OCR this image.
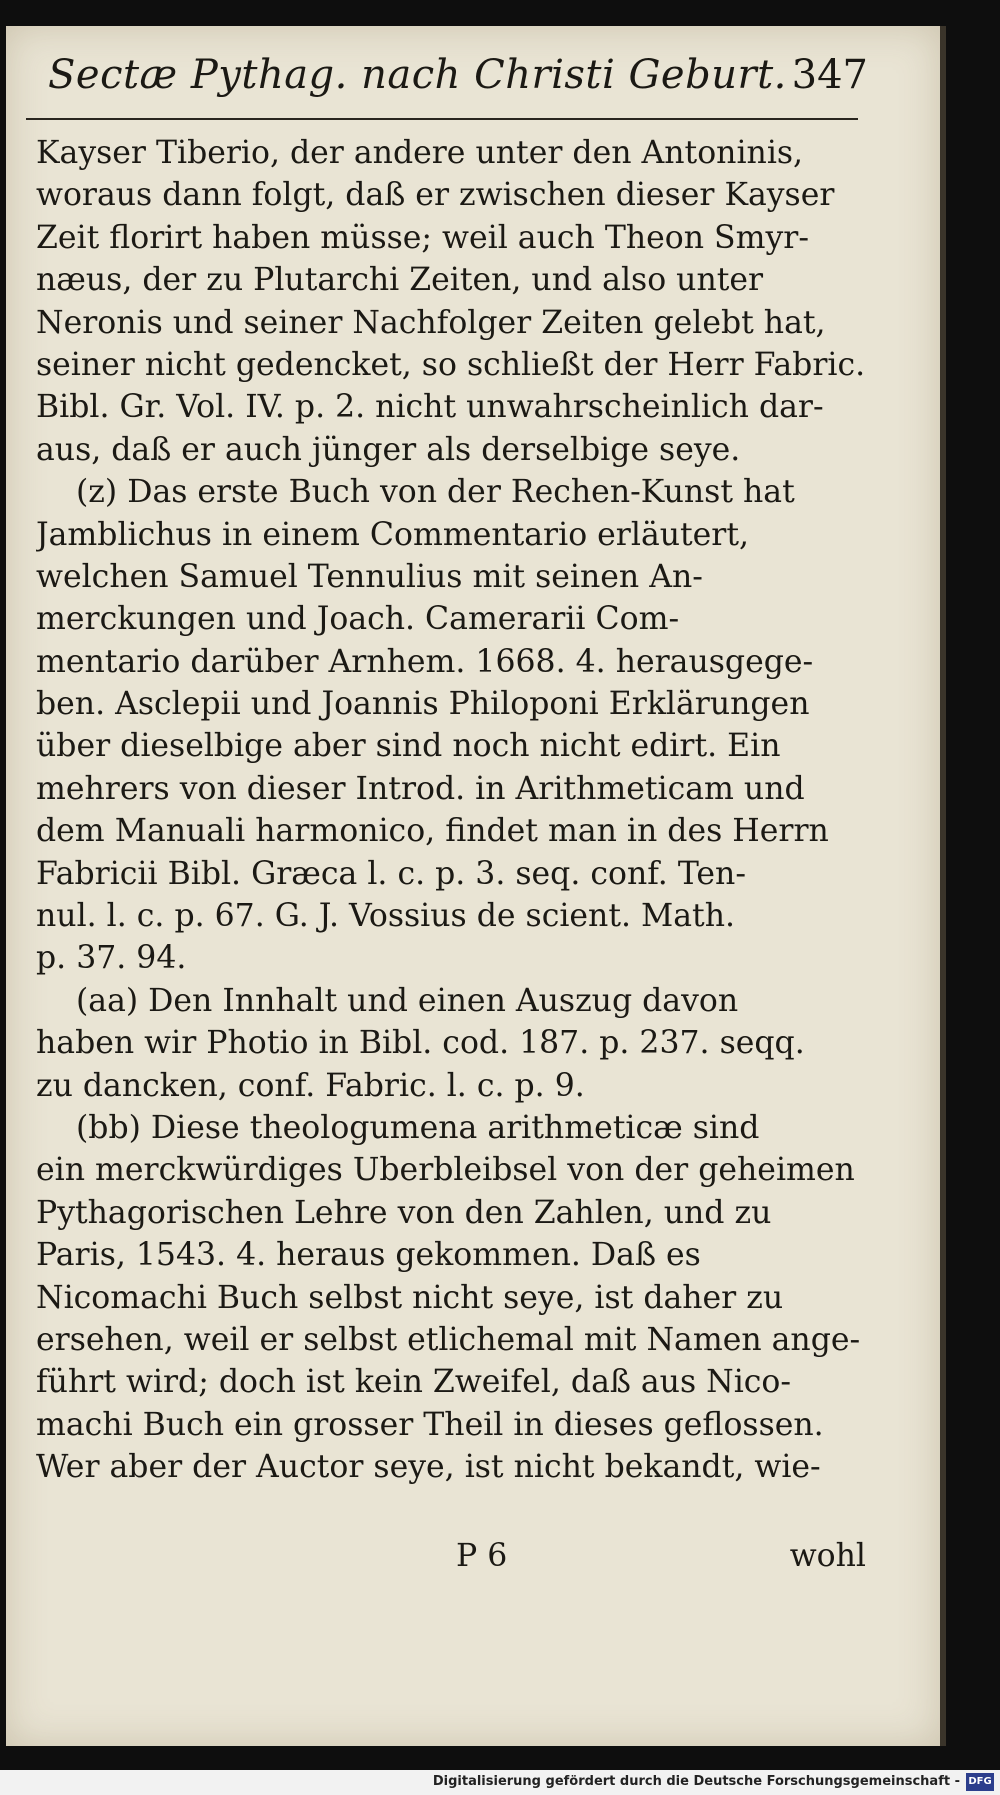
Sectæ Pythag. nach Christi Geburt. 347
Kayser Tiberio, der andere unter den Antoninis,
woraus dann folgt, daß er zwischen dieser Kayser
Zeit florirt haben müsse; weil auch Theon Smyr-
næus, der zu Plutarchi Zeiten, und also unter
Neronis und seiner Nachfolger Zeiten gelebt hat,
seiner nicht gedencket, so schließt der Herr Fabric.
Bibl. Gr. Vol. IV. p. 2. nicht unwahrscheinlich dar-
aus, daß er auch jünger als derselbige seye.
(z) Das erste Buch von der Rechen-Kunst hat
Jamblichus in einem Commentario erläutert,
welchen Samuel Tennulius mit seinen An-
merckungen und Joach. Camerarii Com-
mentario darüber Arnhem. 1668. 4. herausgege-
ben. Asclepii und Joannis Philoponi Erklärungen
über dieselbige aber sind noch nicht edirt. Ein
mehrers von dieser Introd. in Arithmeticam und
dem Manuali harmonico, findet man in des Herrn
Fabricii Bibl. Græca l. c. p. 3. seq. conf. Ten-
nul. l. c. p. 67. G. J. Vossius de scient. Math.
p. 37. 94.
(aa) Den Innhalt und einen Auszug davon
haben wir Photio in Bibl. cod. 187. p. 237. seqq.
zu dancken, conf. Fabric. l. c. p. 9.
(bb) Diese theologumena arithmeticæ sind
ein merckwürdiges Uberbleibsel von der geheimen
Pythagorischen Lehre von den Zahlen, und zu
Paris, 1543. 4. heraus gekommen. Daß es
Nicomachi Buch selbst nicht seye, ist daher zu
ersehen, weil er selbst etlichemal mit Namen ange-
führt wird; doch ist kein Zweifel, daß aus Nico-
machi Buch ein grosser Theil in dieses geflossen.
Wer aber der Auctor seye, ist nicht bekandt, wie-
P 6	wohl
Digitalisierung gefördert durch die Deutsche Forschungsgemeinschaft - DFG
